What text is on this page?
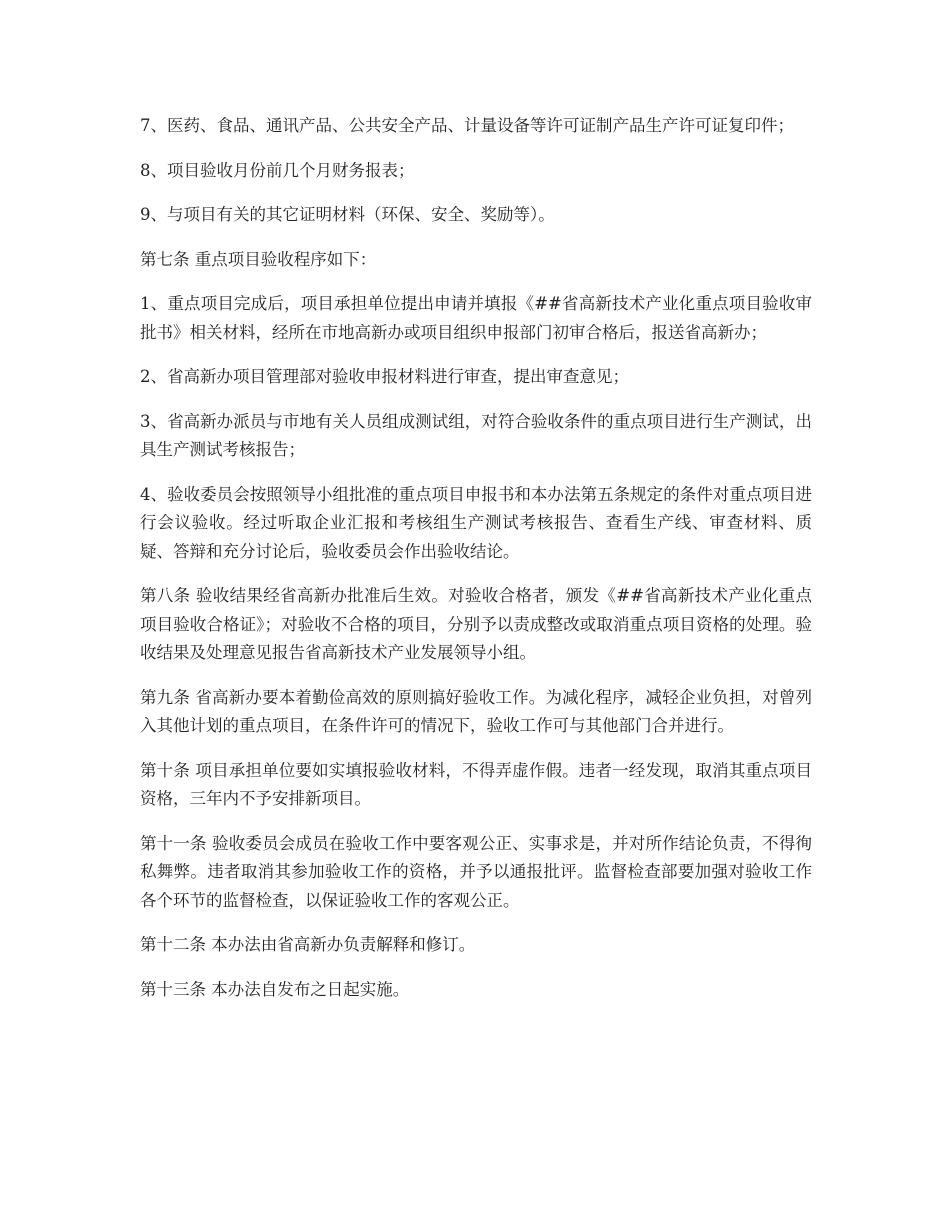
7、医药、食品、通讯产品、公共安全产品、计量设备等许可证制产品生产许可证复印件；

8、项目验收月份前几个月财务报表；

9、与项目有关的其它证明材料（环保、安全、奖励等）。

第七条 重点项目验收程序如下：

1、重点项目完成后，项目承担单位提出申请并填报《##省高新技术产业化重点项目验收审批书》相关材料，经所在市地高新办或项目组织申报部门初审合格后，报送省高新办；

2、省高新办项目管理部对验收申报材料进行审查，提出审查意见；

3、省高新办派员与市地有关人员组成测试组，对符合验收条件的重点项目进行生产测试，出具生产测试考核报告；

4、验收委员会按照领导小组批准的重点项目申报书和本办法第五条规定的条件对重点项目进行会议验收。经过听取企业汇报和考核组生产测试考核报告、查看生产线、审查材料、质疑、答辩和充分讨论后，验收委员会作出验收结论。

第八条 验收结果经省高新办批准后生效。对验收合格者，颁发《##省高新技术产业化重点项目验收合格证》；对验收不合格的项目，分别予以责成整改或取消重点项目资格的处理。验收结果及处理意见报告省高新技术产业发展领导小组。

第九条 省高新办要本着勤俭高效的原则搞好验收工作。为减化程序，减轻企业负担，对曾列入其他计划的重点项目，在条件许可的情况下，验收工作可与其他部门合并进行。

第十条 项目承担单位要如实填报验收材料，不得弄虚作假。违者一经发现，取消其重点项目资格，三年内不予安排新项目。

第十一条 验收委员会成员在验收工作中要客观公正、实事求是，并对所作结论负责，不得徇私舞弊。违者取消其参加验收工作的资格，并予以通报批评。监督检查部要加强对验收工作各个环节的监督检查，以保证验收工作的客观公正。

第十二条 本办法由省高新办负责解释和修订。

第十三条 本办法自发布之日起实施。
